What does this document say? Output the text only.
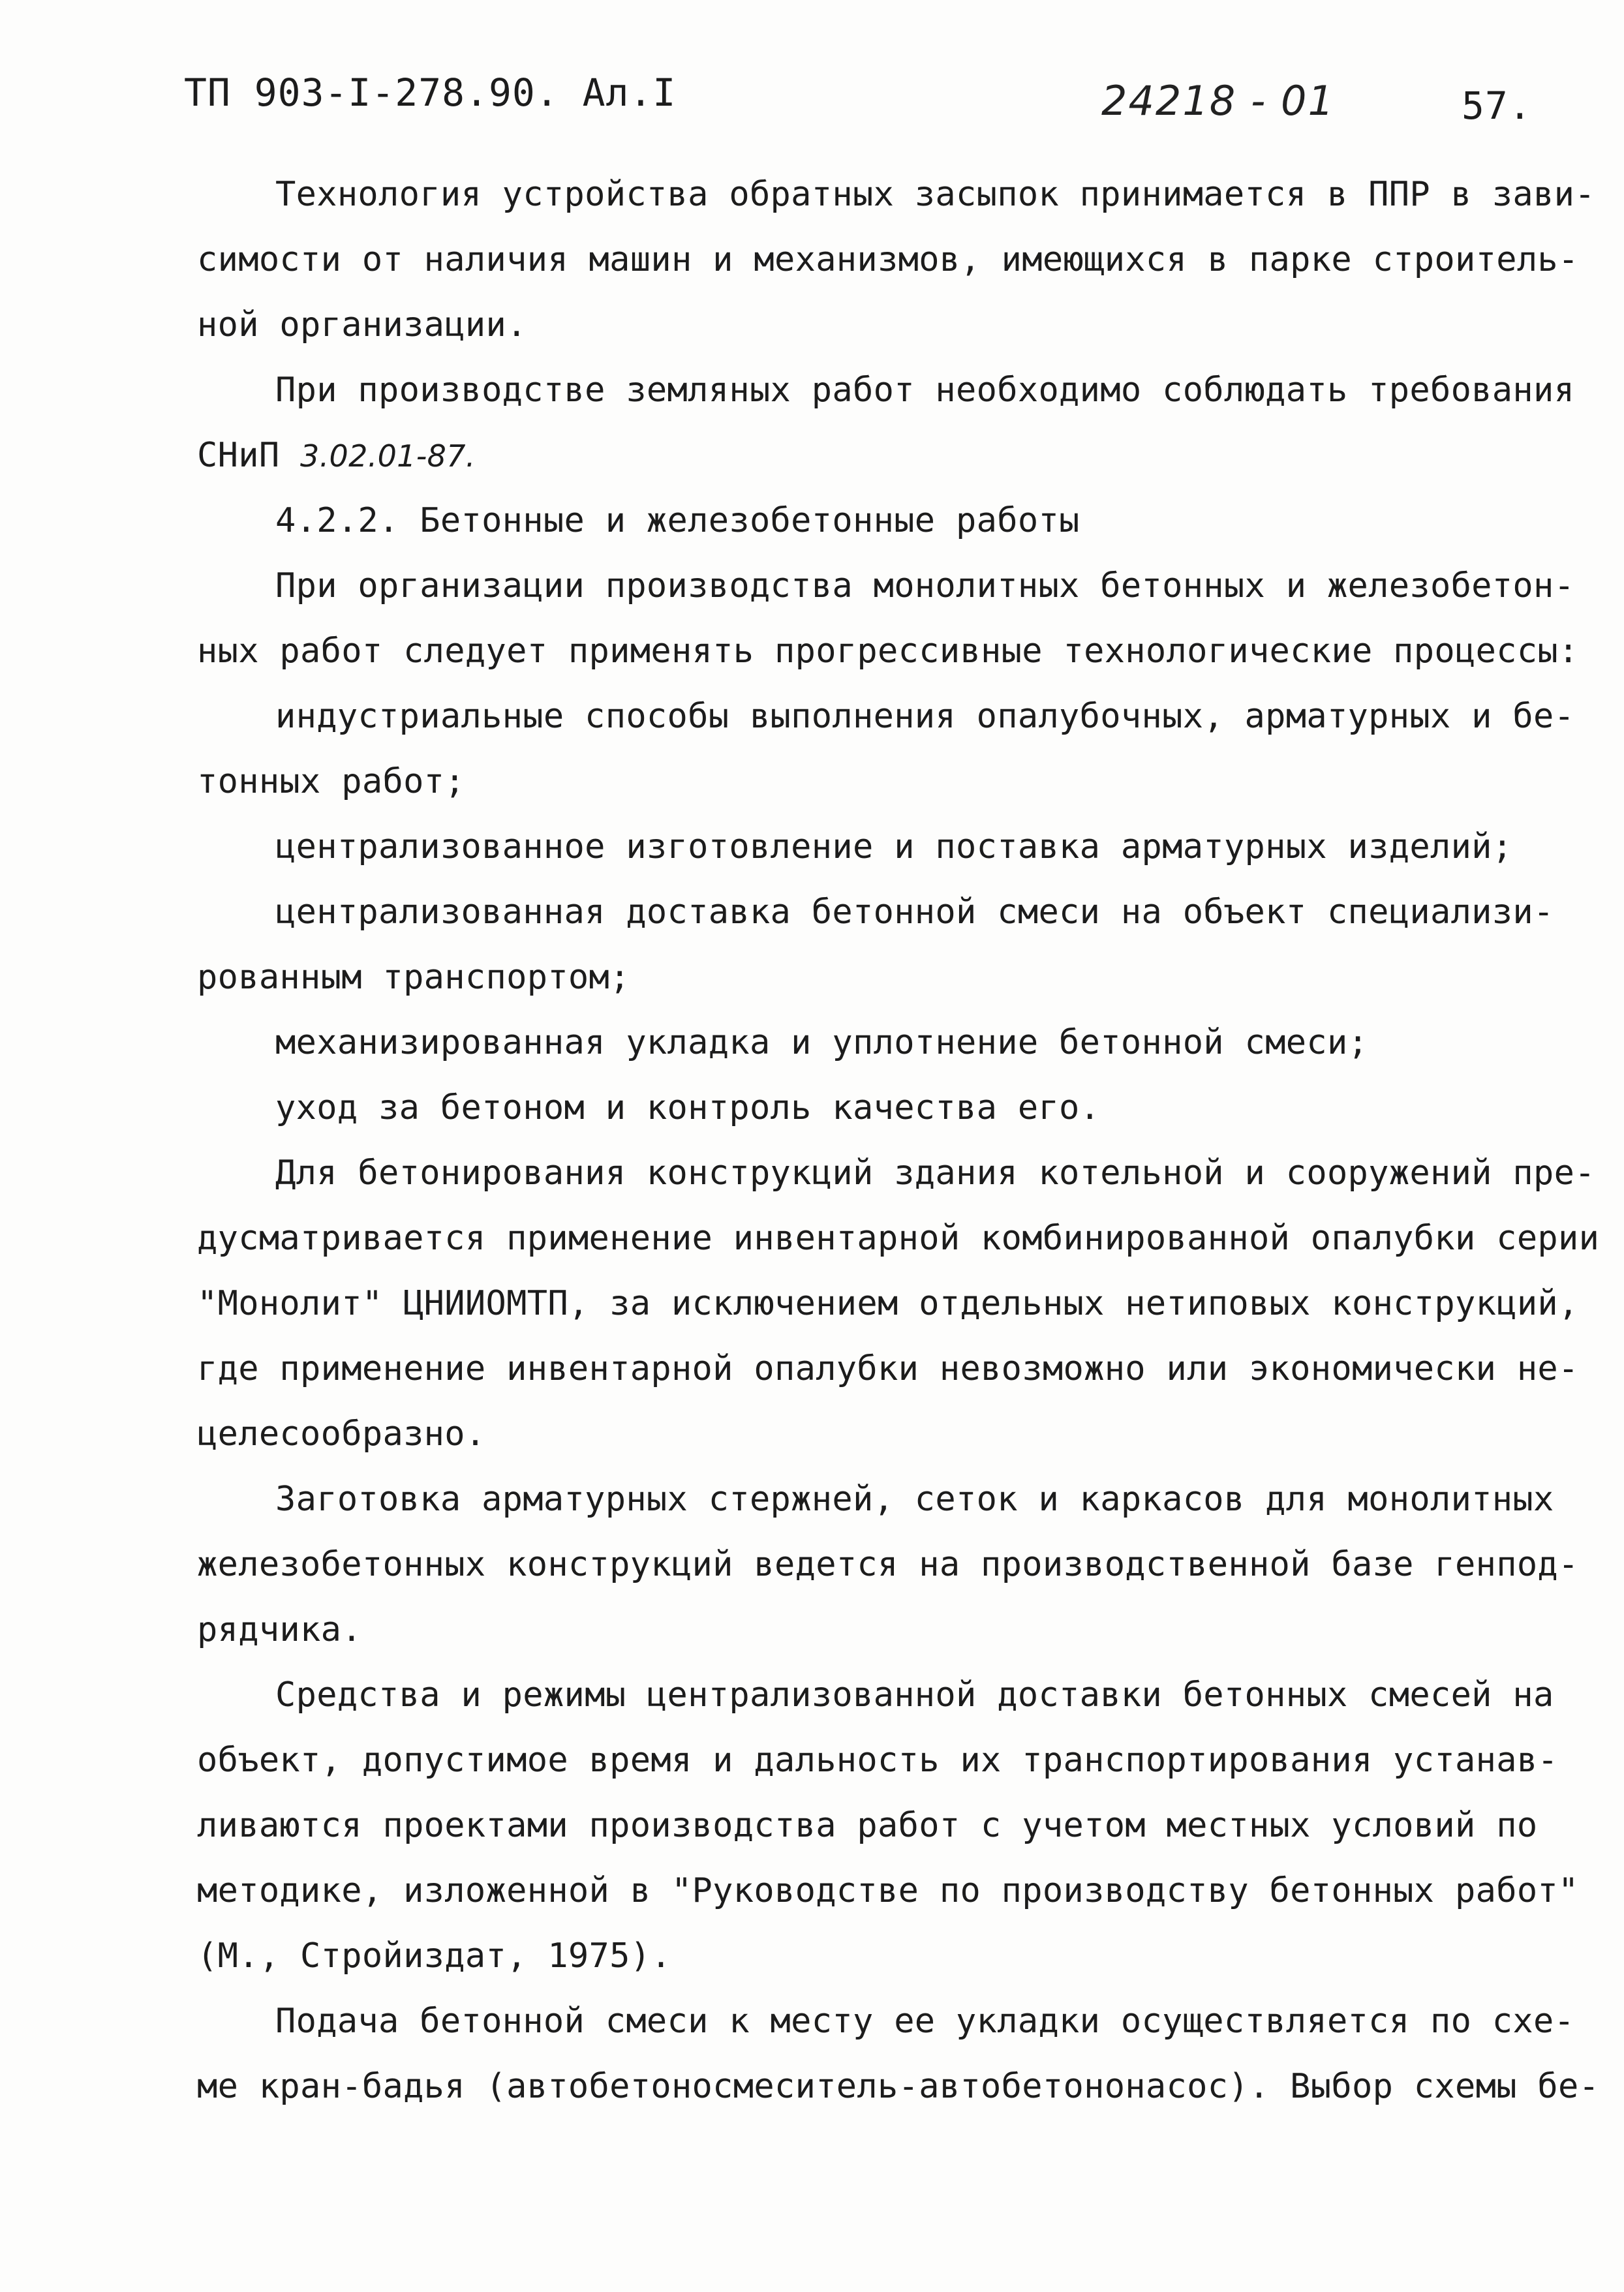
ТП 903-I-278.90. Ал.I	24218 - 01	57.
Технология устройства обратных засыпок принимается в ППР в зави-
симости от наличия машин и механизмов, имеющихся в парке строитель-
ной организации.
При производстве земляных работ необходимо соблюдать требования
СНиП 3.02.01-87.
4.2.2. Бетонные и железобетонные работы
При организации производства монолитных бетонных и железобетон-
ных работ следует применять прогрессивные технологические процессы:
индустриальные способы выполнения опалубочных, арматурных и бе-
тонных работ;
централизованное изготовление и поставка арматурных изделий;
централизованная доставка бетонной смеси на объект специализи-
рованным транспортом;
механизированная укладка и уплотнение бетонной смеси;
уход за бетоном и контроль качества его.
Для бетонирования конструкций здания котельной и сооружений пре-
дусматривается применение инвентарной комбинированной опалубки серии
"Монолит" ЦНИИОМТП, за исключением отдельных нетиповых конструкций,
где применение инвентарной опалубки невозможно или экономически не-
целесообразно.
Заготовка арматурных стержней, сеток и каркасов для монолитных
железобетонных конструкций ведется на производственной базе генпод-
рядчика.
Средства и режимы централизованной доставки бетонных смесей на
объект, допустимое время и дальность их транспортирования устанав-
ливаются проектами производства работ с учетом местных условий по
методике, изложенной в "Руководстве по производству бетонных работ"
(М., Стройиздат, 1975).
Подача бетонной смеси к месту ее укладки осуществляется по схе-
ме кран-бадья (автобетоносмеситель-автобетононасос). Выбор схемы бе-
